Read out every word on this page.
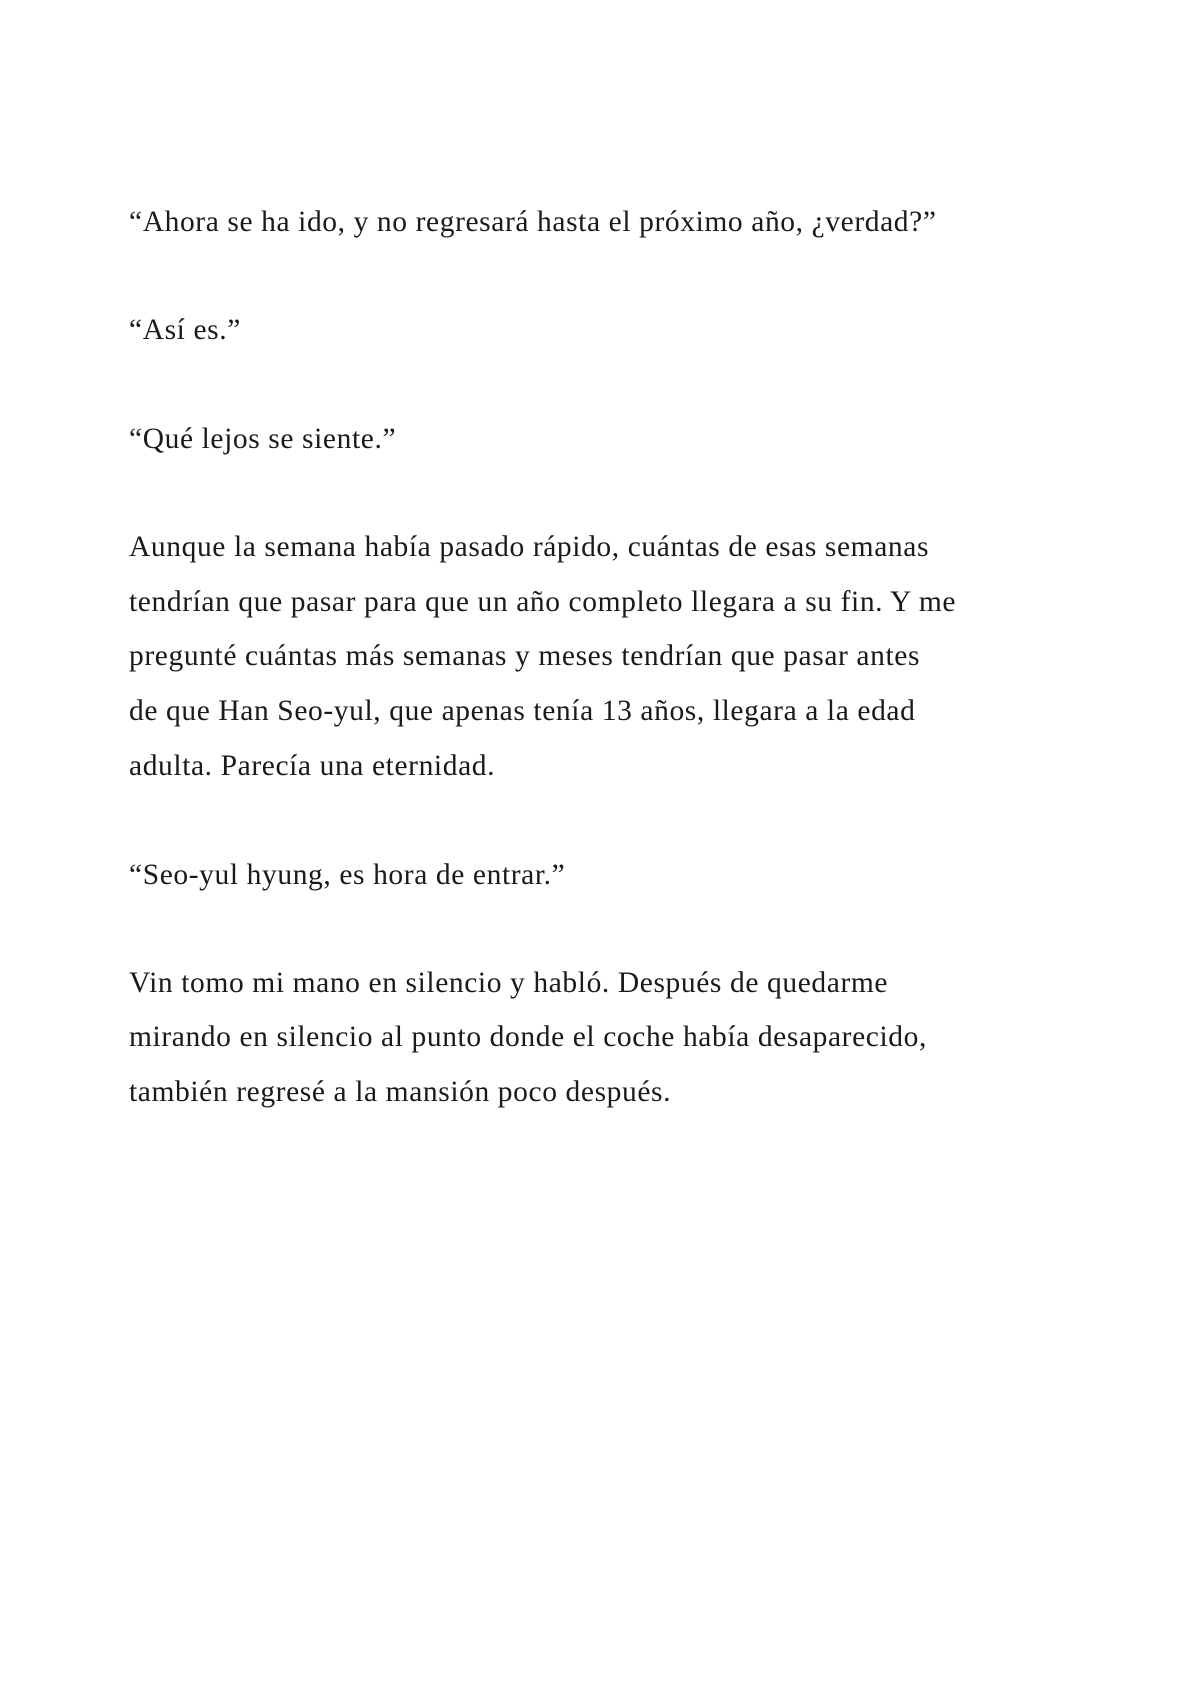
“Ahora se ha ido, y no regresará hasta el próximo año, ¿verdad?”
“Así es.”
“Qué lejos se siente.”
Aunque la semana había pasado rápido, cuántas de esas semanas
tendrían que pasar para que un año completo llegara a su fin. Y me
pregunté cuántas más semanas y meses tendrían que pasar antes
de que Han Seo-yul, que apenas tenía 13 años, llegara a la edad
adulta. Parecía una eternidad.
“Seo-yul hyung, es hora de entrar.”
Vin tomo mi mano en silencio y habló. Después de quedarme
mirando en silencio al punto donde el coche había desaparecido,
también regresé a la mansión poco después.
